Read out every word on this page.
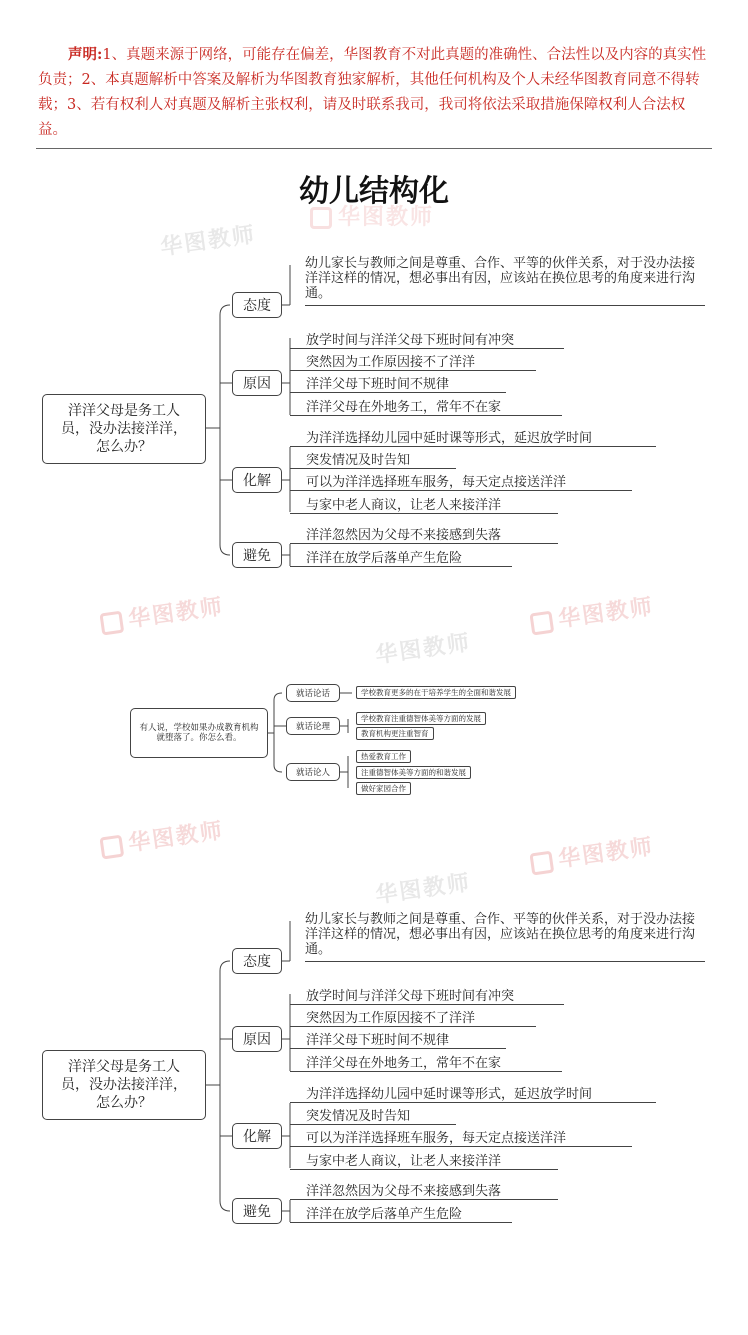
声明:1、真题来源于网络，可能存在偏差，华图教育不对此真题的准确性、合法性以及内容的真实性负责；2、本真题解析中答案及解析为华图教育独家解析，其他任何机构及个人未经华图教育同意不得转载；3、若有权利人对真题及解析主张权利，请及时联系我司，我司将依法采取措施保障权利人合法权益。
幼儿结构化
华图教师
华图教师
华图教师	华图教师
华图教师
华图教师	华图教师
华图教师
洋洋父母是务工人员，没办法接洋洋，怎么办？
态度
原因
化解
避免
幼儿家长与教师之间是尊重、合作、平等的伙伴关系，对于没办法接洋洋这样的情况，想必事出有因，应该站在换位思考的角度来进行沟通。
放学时间与洋洋父母下班时间有冲突
突然因为工作原因接不了洋洋
洋洋父母下班时间不规律
洋洋父母在外地务工，常年不在家
为洋洋选择幼儿园中延时课等形式，延迟放学时间
突发情况及时告知
可以为洋洋选择班车服务，每天定点接送洋洋
与家中老人商议，让老人来接洋洋
洋洋忽然因为父母不来接感到失落
洋洋在放学后落单产生危险
有人说，学校如果办成教育机构就堕落了。你怎么看。
就话论话
就话论理
就话论人
学校教育更多的在于培养学生的全面和谐发展
学校教育注重德智体美等方面的发展
教育机构更注重智育
热爱教育工作
注重德智体美等方面的和谐发展
做好家园合作
洋洋父母是务工人员，没办法接洋洋，怎么办？
态度
原因
化解
避免
幼儿家长与教师之间是尊重、合作、平等的伙伴关系，对于没办法接洋洋这样的情况，想必事出有因，应该站在换位思考的角度来进行沟通。
放学时间与洋洋父母下班时间有冲突
突然因为工作原因接不了洋洋
洋洋父母下班时间不规律
洋洋父母在外地务工，常年不在家
为洋洋选择幼儿园中延时课等形式，延迟放学时间
突发情况及时告知
可以为洋洋选择班车服务，每天定点接送洋洋
与家中老人商议，让老人来接洋洋
洋洋忽然因为父母不来接感到失落
洋洋在放学后落单产生危险
